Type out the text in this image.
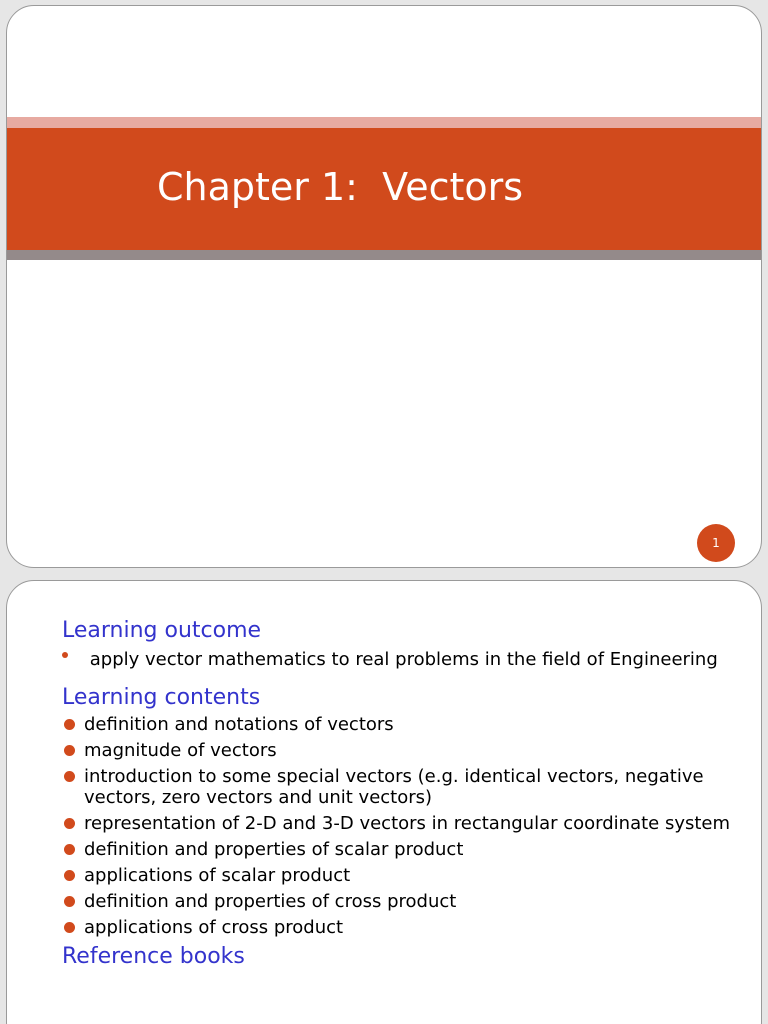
Chapter 1:  Vectors
1
Learning outcome
apply vector mathematics to real problems in the field of Engineering
Learning contents
definition and notations of vectors
magnitude of vectors
introduction to some special vectors (e.g. identical vectors, negative vectors, zero vectors and unit vectors)
representation of 2-D and 3-D vectors in rectangular coordinate system
definition and properties of scalar product
applications of scalar product
definition and properties of cross product
applications of cross product
Reference books
